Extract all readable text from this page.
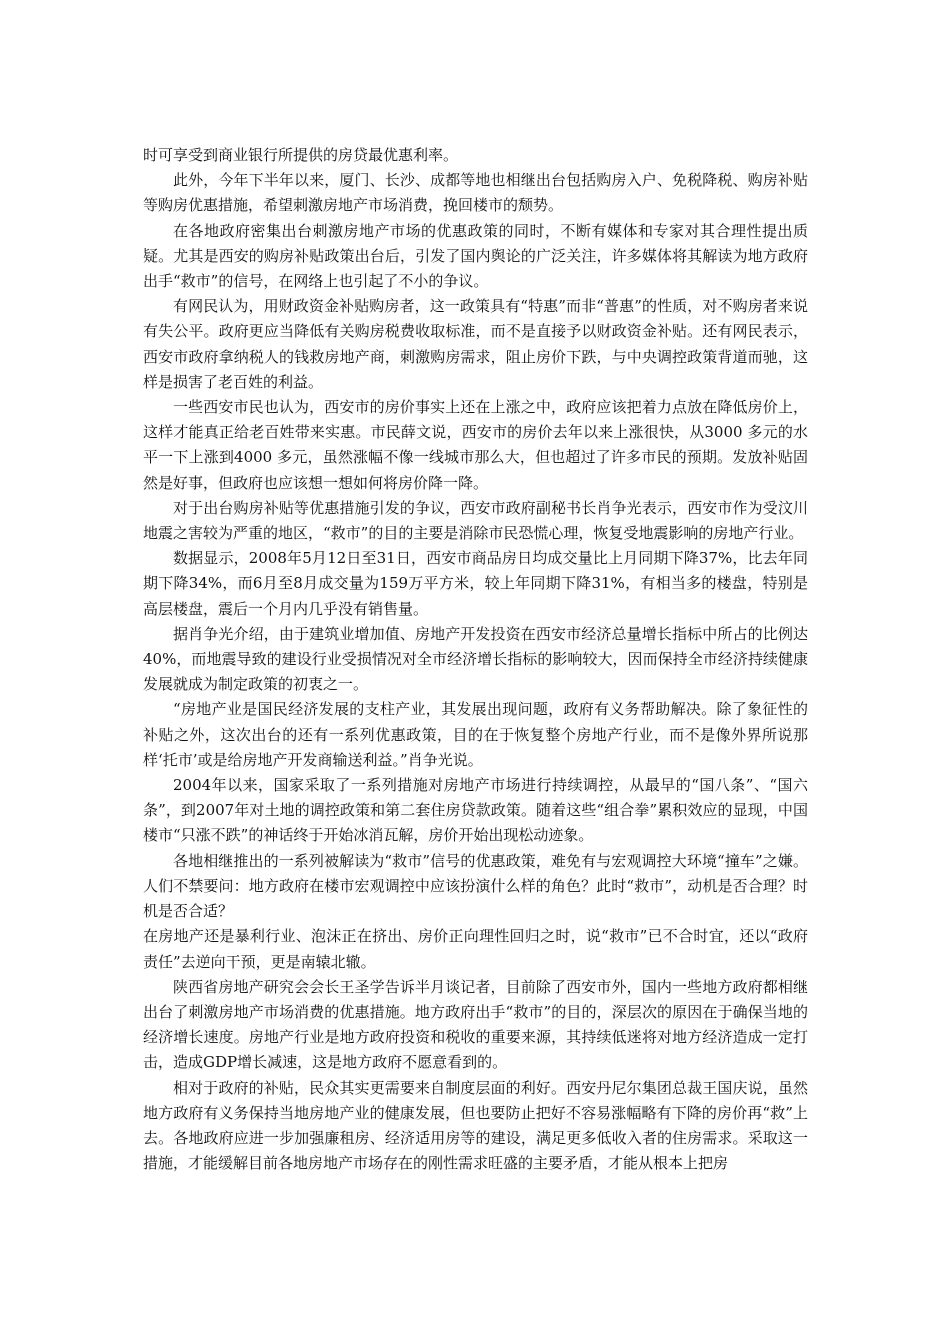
时可享受到商业银行所提供的房贷最优惠利率。

此外，今年下半年以来，厦门、长沙、成都等地也相继出台包括购房入户、免税降税、购房补贴等购房优惠措施，希望刺激房地产市场消费，挽回楼市的颓势。

在各地政府密集出台刺激房地产市场的优惠政策的同时，不断有媒体和专家对其合理性提出质疑。尤其是西安的购房补贴政策出台后，引发了国内舆论的广泛关注，许多媒体将其解读为地方政府出手“救市”的信号，在网络上也引起了不小的争议。

有网民认为，用财政资金补贴购房者，这一政策具有“特惠”而非“普惠”的性质，对不购房者来说有失公平。政府更应当降低有关购房税费收取标准，而不是直接予以财政资金补贴。还有网民表示，西安市政府拿纳税人的钱救房地产商，刺激购房需求，阻止房价下跌，与中央调控政策背道而驰，这样是损害了老百姓的利益。

一些西安市民也认为，西安市的房价事实上还在上涨之中，政府应该把着力点放在降低房价上，这样才能真正给老百姓带来实惠。市民薛文说，西安市的房价去年以来上涨很快，从3000 多元的水平一下上涨到4000 多元，虽然涨幅不像一线城市那么大，但也超过了许多市民的预期。发放补贴固然是好事，但政府也应该想一想如何将房价降一降。

对于出台购房补贴等优惠措施引发的争议，西安市政府副秘书长肖争光表示，西安市作为受汶川地震之害较为严重的地区，“救市”的目的主要是消除市民恐慌心理，恢复受地震影响的房地产行业。

数据显示，2008年5月12日至31日，西安市商品房日均成交量比上月同期下降37%，比去年同期下降34%，而6月至8月成交量为159万平方米，较上年同期下降31%，有相当多的楼盘，特别是高层楼盘，震后一个月内几乎没有销售量。

据肖争光介绍，由于建筑业增加值、房地产开发投资在西安市经济总量增长指标中所占的比例达40%，而地震导致的建设行业受损情况对全市经济增长指标的影响较大，因而保持全市经济持续健康发展就成为制定政策的初衷之一。

“房地产业是国民经济发展的支柱产业，其发展出现问题，政府有义务帮助解决。除了象征性的补贴之外，这次出台的还有一系列优惠政策，目的在于恢复整个房地产行业，而不是像外界所说那样‘托市’或是给房地产开发商输送利益。”肖争光说。

2004年以来，国家采取了一系列措施对房地产市场进行持续调控，从最早的“国八条”、“国六条”，到2007年对土地的调控政策和第二套住房贷款政策。随着这些“组合拳”累积效应的显现，中国楼市“只涨不跌”的神话终于开始冰消瓦解，房价开始出现松动迹象。

各地相继推出的一系列被解读为“救市”信号的优惠政策，难免有与宏观调控大环境“撞车”之嫌。人们不禁要问：地方政府在楼市宏观调控中应该扮演什么样的角色？此时“救市”，动机是否合理？时机是否合适？

在房地产还是暴利行业、泡沫正在挤出、房价正向理性回归之时，说“救市”已不合时宜，还以“政府责任”去逆向干预，更是南辕北辙。

陕西省房地产研究会会长王圣学告诉半月谈记者，目前除了西安市外，国内一些地方政府都相继出台了刺激房地产市场消费的优惠措施。地方政府出手“救市”的目的，深层次的原因在于确保当地的经济增长速度。房地产行业是地方政府投资和税收的重要来源，其持续低迷将对地方经济造成一定打击，造成GDP增长减速，这是地方政府不愿意看到的。

相对于政府的补贴，民众其实更需要来自制度层面的利好。西安丹尼尔集团总裁王国庆说，虽然地方政府有义务保持当地房地产业的健康发展，但也要防止把好不容易涨幅略有下降的房价再“救”上去。各地政府应进一步加强廉租房、经济适用房等的建设，满足更多低收入者的住房需求。采取这一措施，才能缓解目前各地房地产市场存在的刚性需求旺盛的主要矛盾，才能从根本上把房
